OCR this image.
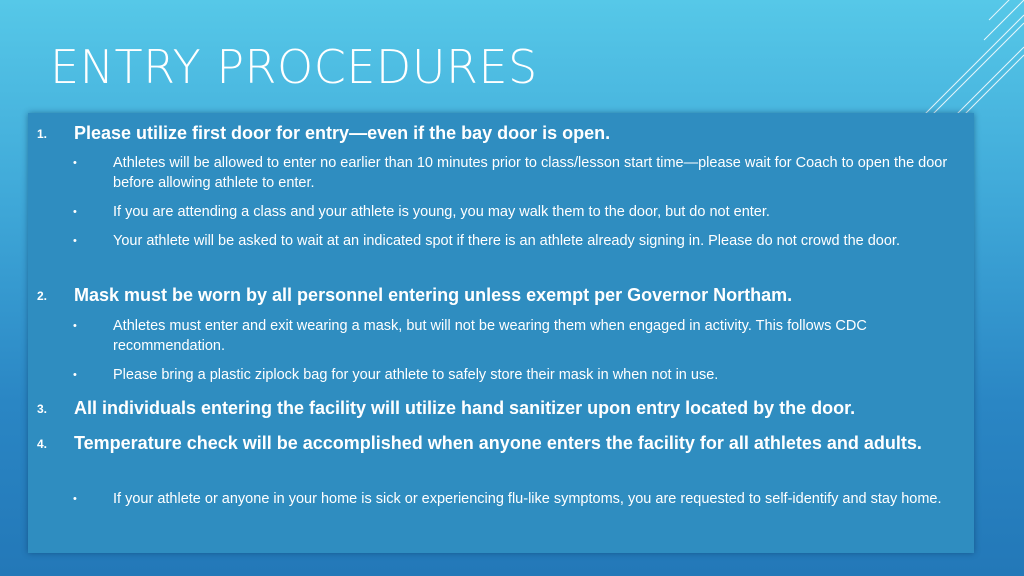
ENTRY PROCEDURES
1. Please utilize first door for entry—even if the bay door is open.
• Athletes will be allowed to enter no earlier than 10 minutes prior to class/lesson start time—please wait for Coach to open the door before allowing athlete to enter.
• If you are attending a class and your athlete is young, you may walk them to the door, but do not enter.
• Your athlete will be asked to wait at an indicated spot if there is an athlete already signing in. Please do not crowd the door.
2. Mask must be worn by all personnel entering unless exempt per Governor Northam.
• Athletes must enter and exit wearing a mask, but will not be wearing them when engaged in activity. This follows CDC recommendation.
• Please bring a plastic ziplock bag for your athlete to safely store their mask in when not in use.
3. All individuals entering the facility will utilize hand sanitizer upon entry located by the door.
4. Temperature check will be accomplished when anyone enters the facility for all athletes and adults.
• If your athlete or anyone in your home is sick or experiencing flu-like symptoms, you are requested to self-identify and stay home.
